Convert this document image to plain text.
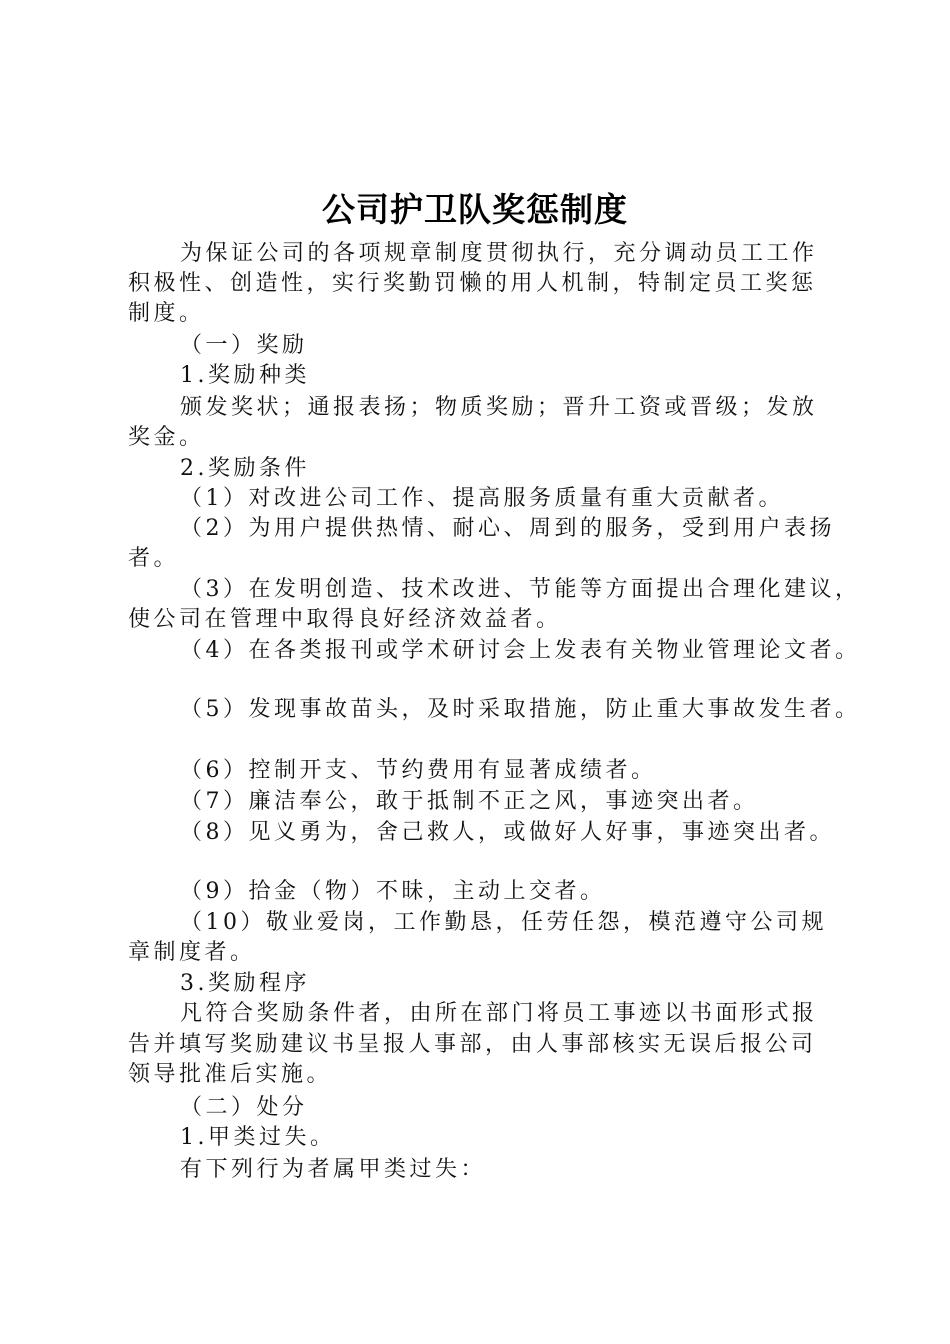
公司护卫队奖惩制度
为保证公司的各项规章制度贯彻执行，充分调动员工工作
积极性、创造性，实行奖勤罚懒的用人机制，特制定员工奖惩
制度。
（一）奖励
1.奖励种类
颁发奖状；通报表扬；物质奖励；晋升工资或晋级；发放
奖金。
2.奖励条件
（1）对改进公司工作、提高服务质量有重大贡献者。
（2）为用户提供热情、耐心、周到的服务，受到用户表扬
者。
（3）在发明创造、技术改进、节能等方面提出合理化建议，
使公司在管理中取得良好经济效益者。
（4）在各类报刊或学术研讨会上发表有关物业管理论文者。
（5）发现事故苗头，及时采取措施，防止重大事故发生者。
（6）控制开支、节约费用有显著成绩者。
（7）廉洁奉公，敢于抵制不正之风，事迹突出者。
（8）见义勇为，舍己救人，或做好人好事，事迹突出者。
（9）拾金（物）不昧，主动上交者。
（10）敬业爱岗，工作勤恳，任劳任怨，模范遵守公司规
章制度者。
3.奖励程序
凡符合奖励条件者，由所在部门将员工事迹以书面形式报
告并填写奖励建议书呈报人事部，由人事部核实无误后报公司
领导批准后实施。
（二）处分
1.甲类过失。
有下列行为者属甲类过失：
